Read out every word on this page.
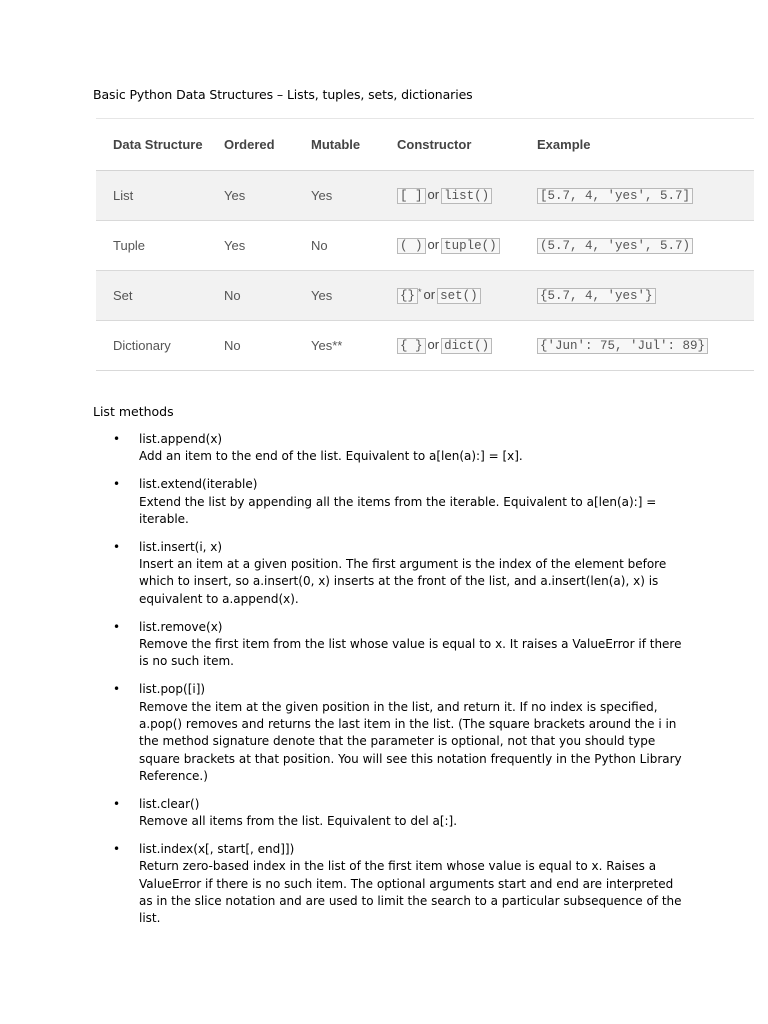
Basic Python Data Structures – Lists, tuples, sets, dictionaries
Data Structure	Ordered	Mutable	Constructor	Example
List	Yes	Yes	[ ] or list()	[5.7, 4, 'yes', 5.7]
Tuple	Yes	No	( ) or tuple()	(5.7, 4, 'yes', 5.7)
Set	No	Yes	{} * or set()	{5.7, 4, 'yes'}
Dictionary	No	Yes**	{ } or dict()	{'Jun': 75, 'Jul': 89}
List methods
• list.append(x)
Add an item to the end of the list. Equivalent to a[len(a):] = [x].
• list.extend(iterable)
Extend the list by appending all the items from the iterable. Equivalent to a[len(a):] = iterable.
• list.insert(i, x)
Insert an item at a given position. The first argument is the index of the element before which to insert, so a.insert(0, x) inserts at the front of the list, and a.insert(len(a), x) is equivalent to a.append(x).
• list.remove(x)
Remove the first item from the list whose value is equal to x. It raises a ValueError if there is no such item.
• list.pop([i])
Remove the item at the given position in the list, and return it. If no index is specified, a.pop() removes and returns the last item in the list. (The square brackets around the i in the method signature denote that the parameter is optional, not that you should type square brackets at that position. You will see this notation frequently in the Python Library Reference.)
• list.clear()
Remove all items from the list. Equivalent to del a[:].
• list.index(x[, start[, end]])
Return zero-based index in the list of the first item whose value is equal to x. Raises a ValueError if there is no such item. The optional arguments start and end are interpreted as in the slice notation and are used to limit the search to a particular subsequence of the list.
